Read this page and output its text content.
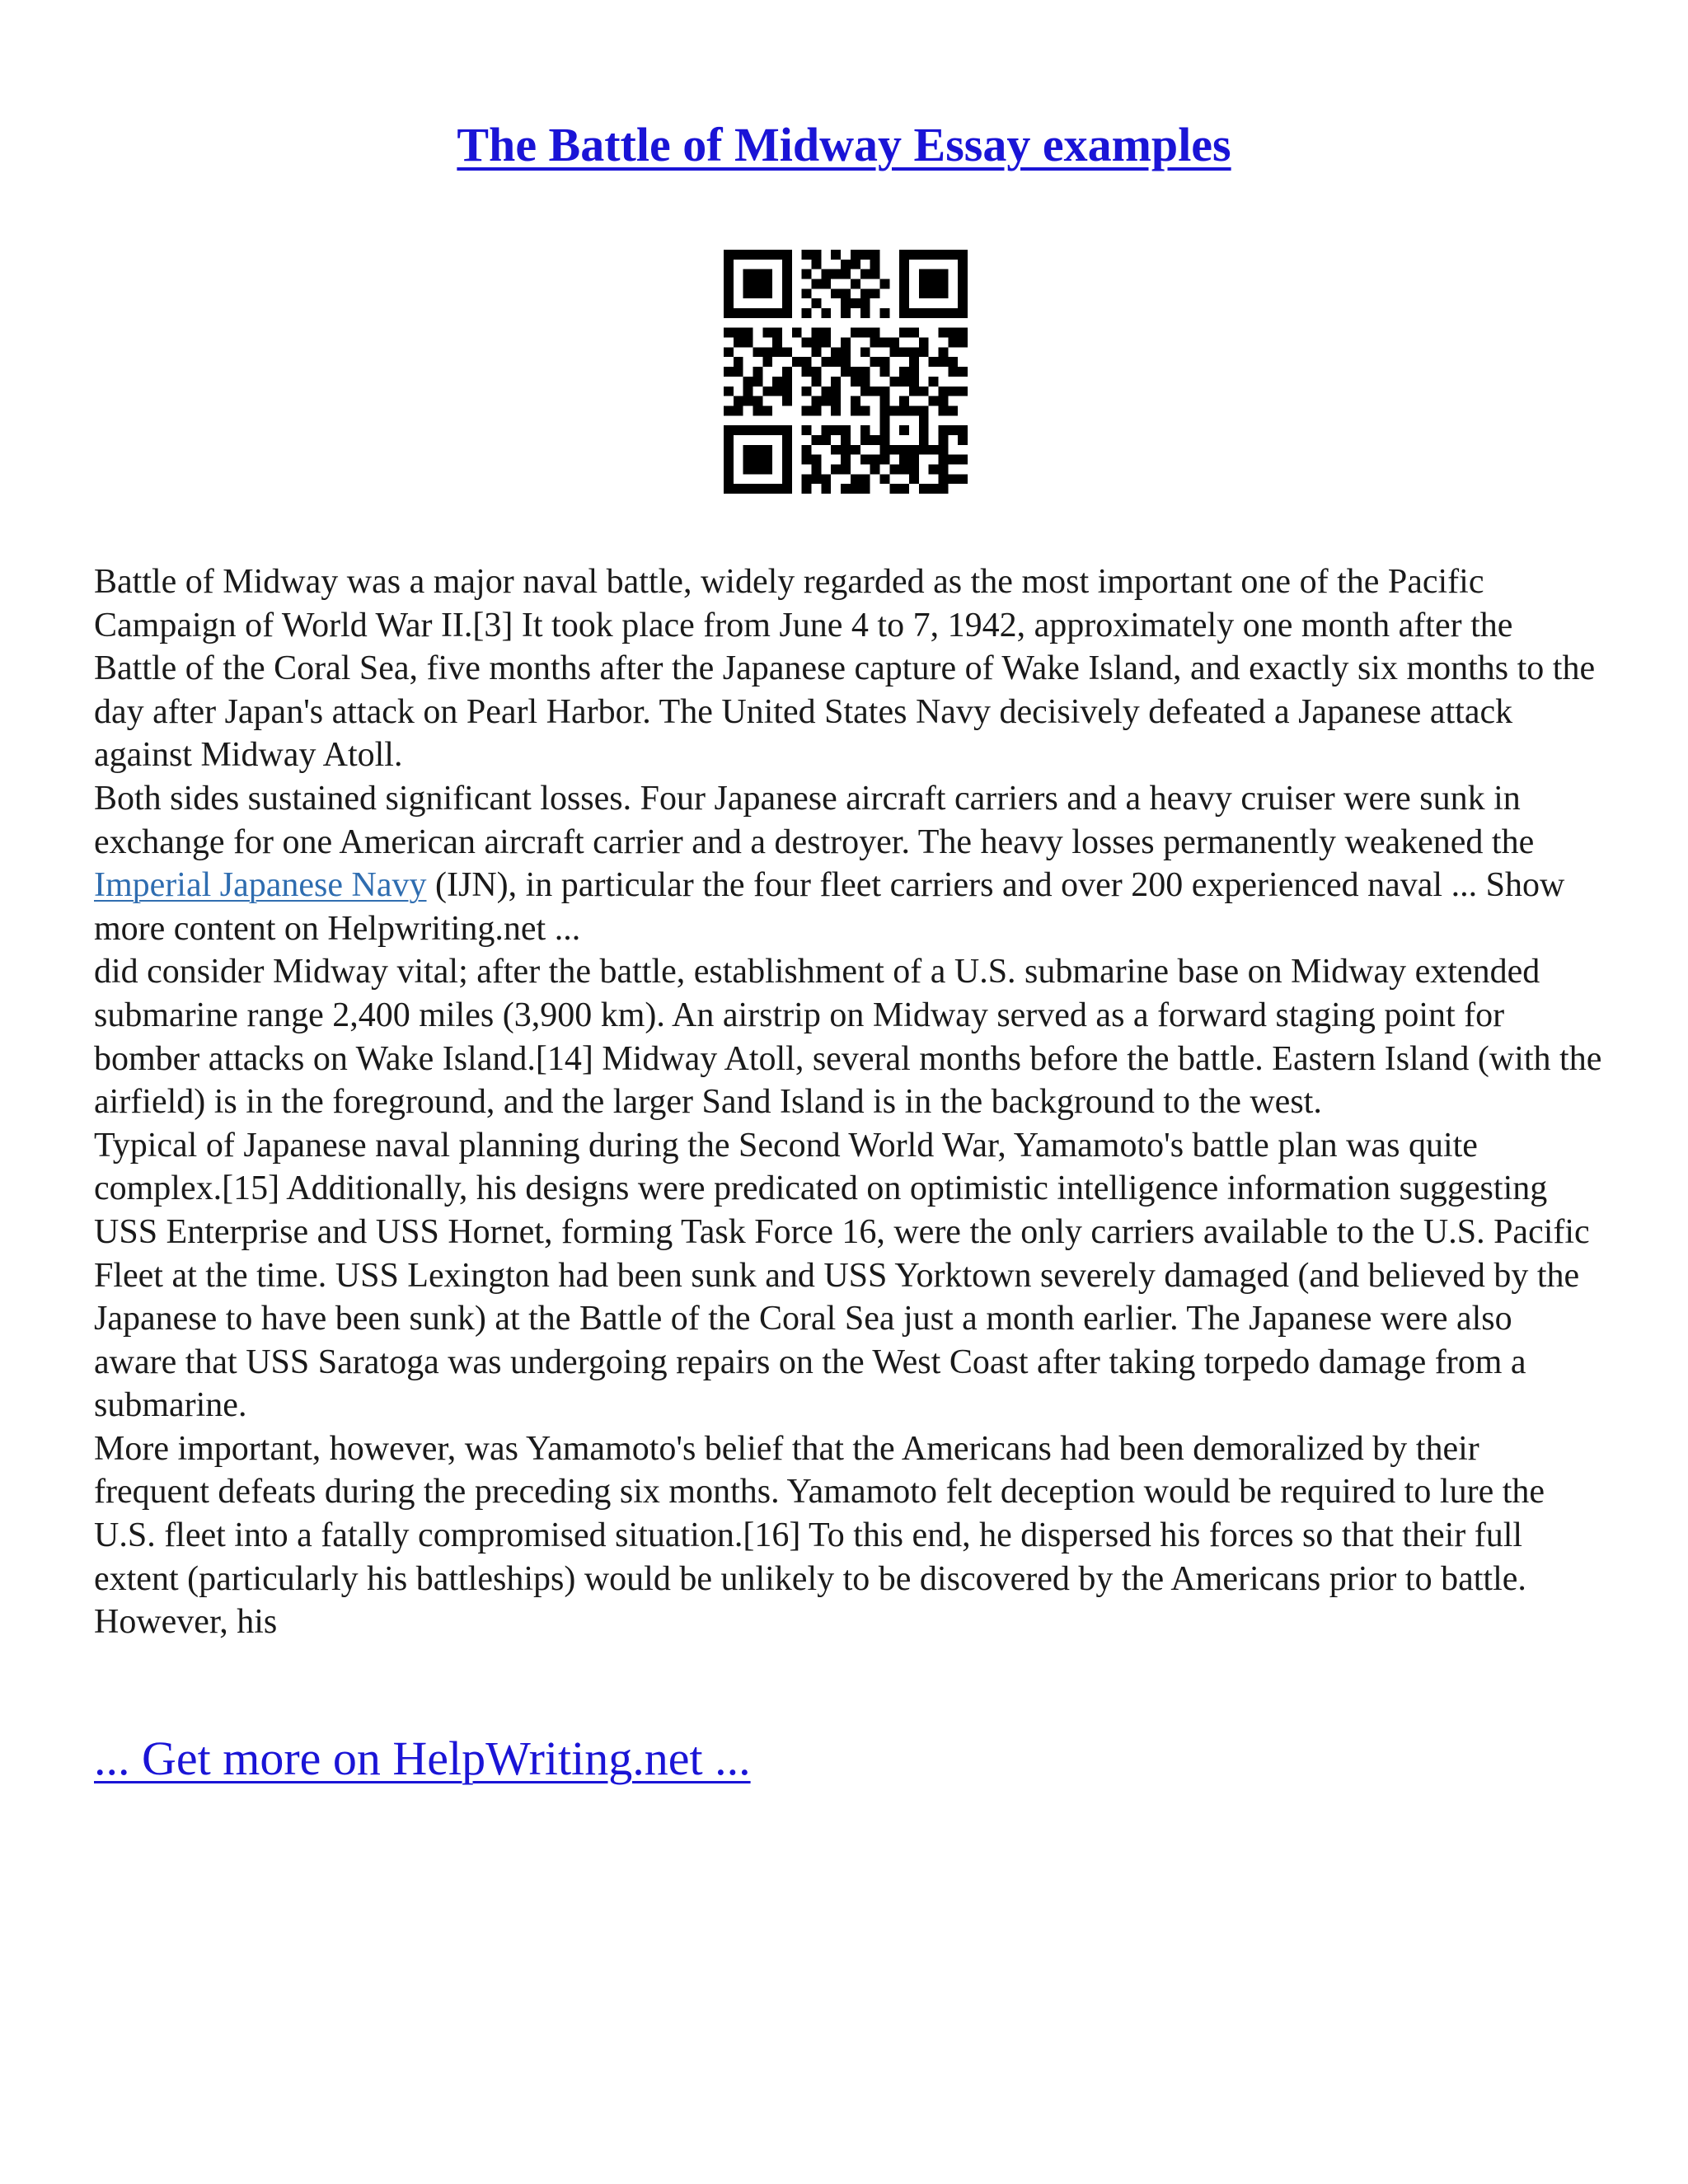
The Battle of Midway Essay examples

Battle of Midway was a major naval battle, widely regarded as the most important one of the Pacific Campaign of World War II.[3] It took place from June 4 to 7, 1942, approximately one month after the Battle of the Coral Sea, five months after the Japanese capture of Wake Island, and exactly six months to the day after Japan's attack on Pearl Harbor. The United States Navy decisively defeated a Japanese attack against Midway Atoll.

Both sides sustained significant losses. Four Japanese aircraft carriers and a heavy cruiser were sunk in exchange for one American aircraft carrier and a destroyer. The heavy losses permanently weakened the Imperial Japanese Navy (IJN), in particular the four fleet carriers and over 200 experienced naval ... Show more content on Helpwriting.net ...

did consider Midway vital; after the battle, establishment of a U.S. submarine base on Midway extended submarine range 2,400 miles (3,900 km). An airstrip on Midway served as a forward staging point for bomber attacks on Wake Island.[14] Midway Atoll, several months before the battle. Eastern Island (with the airfield) is in the foreground, and the larger Sand Island is in the background to the west.

Typical of Japanese naval planning during the Second World War, Yamamoto's battle plan was quite complex.[15] Additionally, his designs were predicated on optimistic intelligence information suggesting USS Enterprise and USS Hornet, forming Task Force 16, were the only carriers available to the U.S. Pacific Fleet at the time. USS Lexington had been sunk and USS Yorktown severely damaged (and believed by the Japanese to have been sunk) at the Battle of the Coral Sea just a month earlier. The Japanese were also aware that USS Saratoga was undergoing repairs on the West Coast after taking torpedo damage from a submarine.

More important, however, was Yamamoto's belief that the Americans had been demoralized by their frequent defeats during the preceding six months. Yamamoto felt deception would be required to lure the U.S. fleet into a fatally compromised situation.[16] To this end, he dispersed his forces so that their full extent (particularly his battleships) would be unlikely to be discovered by the Americans prior to battle. However, his

... Get more on HelpWriting.net ...
